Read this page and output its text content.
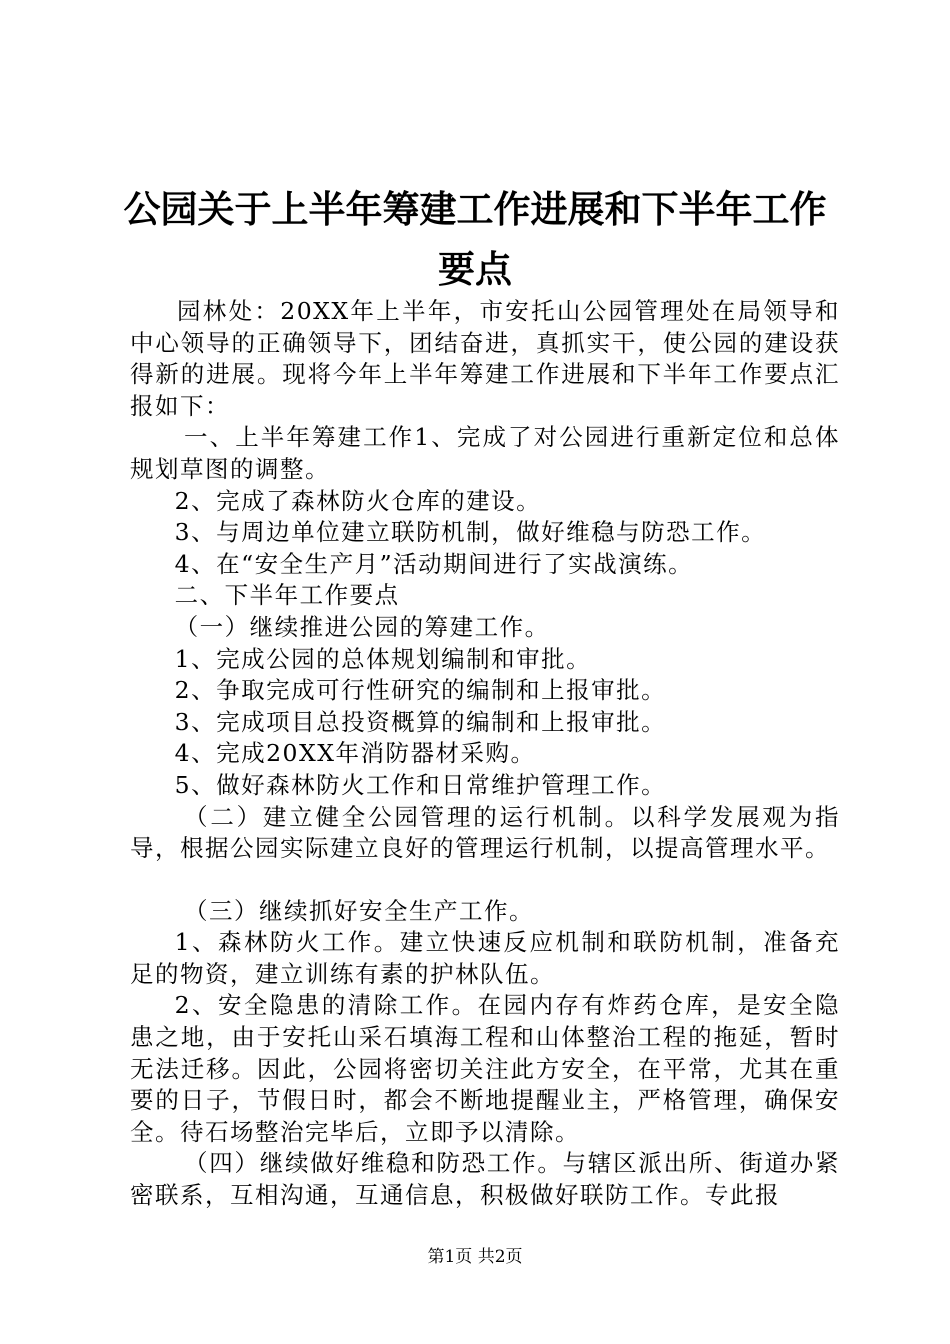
公园关于上半年筹建工作进展和下半年工作要点

园林处：20XX年上半年，市安托山公园管理处在局领导和中心领导的正确领导下，团结奋进，真抓实干，使公园的建设获得新的进展。现将今年上半年筹建工作进展和下半年工作要点汇报如下：

一、上半年筹建工作1、完成了对公园进行重新定位和总体规划草图的调整。

2、完成了森林防火仓库的建设。

3、与周边单位建立联防机制，做好维稳与防恐工作。

4、在“安全生产月”活动期间进行了实战演练。

二、下半年工作要点

（一）继续推进公园的筹建工作。

1、完成公园的总体规划编制和审批。

2、争取完成可行性研究的编制和上报审批。

3、完成项目总投资概算的编制和上报审批。

4、完成20XX年消防器材采购。

5、做好森林防火工作和日常维护管理工作。

（二）建立健全公园管理的运行机制。以科学发展观为指导，根据公园实际建立良好的管理运行机制，以提高管理水平。

（三）继续抓好安全生产工作。

1、森林防火工作。建立快速反应机制和联防机制，准备充足的物资，建立训练有素的护林队伍。

2、安全隐患的清除工作。在园内存有炸药仓库，是安全隐患之地，由于安托山采石填海工程和山体整治工程的拖延，暂时无法迁移。因此，公园将密切关注此方安全，在平常，尤其在重要的日子，节假日时，都会不断地提醒业主，严格管理，确保安全。待石场整治完毕后，立即予以清除。

（四）继续做好维稳和防恐工作。与辖区派出所、街道办紧密联系，互相沟通，互通信息，积极做好联防工作。专此报

第1页 共2页
